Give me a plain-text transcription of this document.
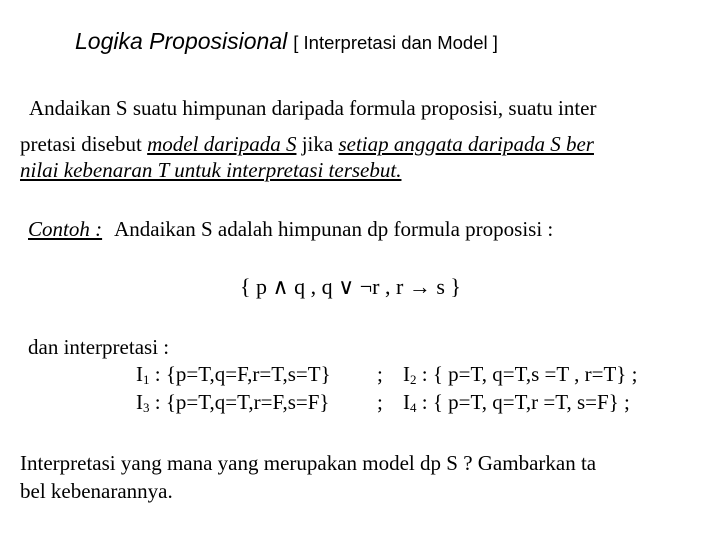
Logika Proposisional [ Interpretasi dan Model ]
Andaikan S suatu himpunan daripada formula proposisi, suatu inter
pretasi disebut model daripada S jika setiap anggata daripada S ber
nilai kebenaran T untuk interpretasi tersebut.
Contoh : Andaikan S adalah himpunan dp formula proposisi :
{ p ∧ q , q ∨ ¬r , r → s }
dan interpretasi :
$I_1$ : {p=T,q=F,r=T,s=T} ; $I_2$ : { p=T, q=T,s =T , r=T} ;
$I_3$ : {p=T,q=T,r=F,s=F} ; $I_4$ : { p=T, q=T,r =T, s=F} ;
Interpretasi yang mana yang merupakan model dp S ? Gambarkan ta
bel kebenarannya.
